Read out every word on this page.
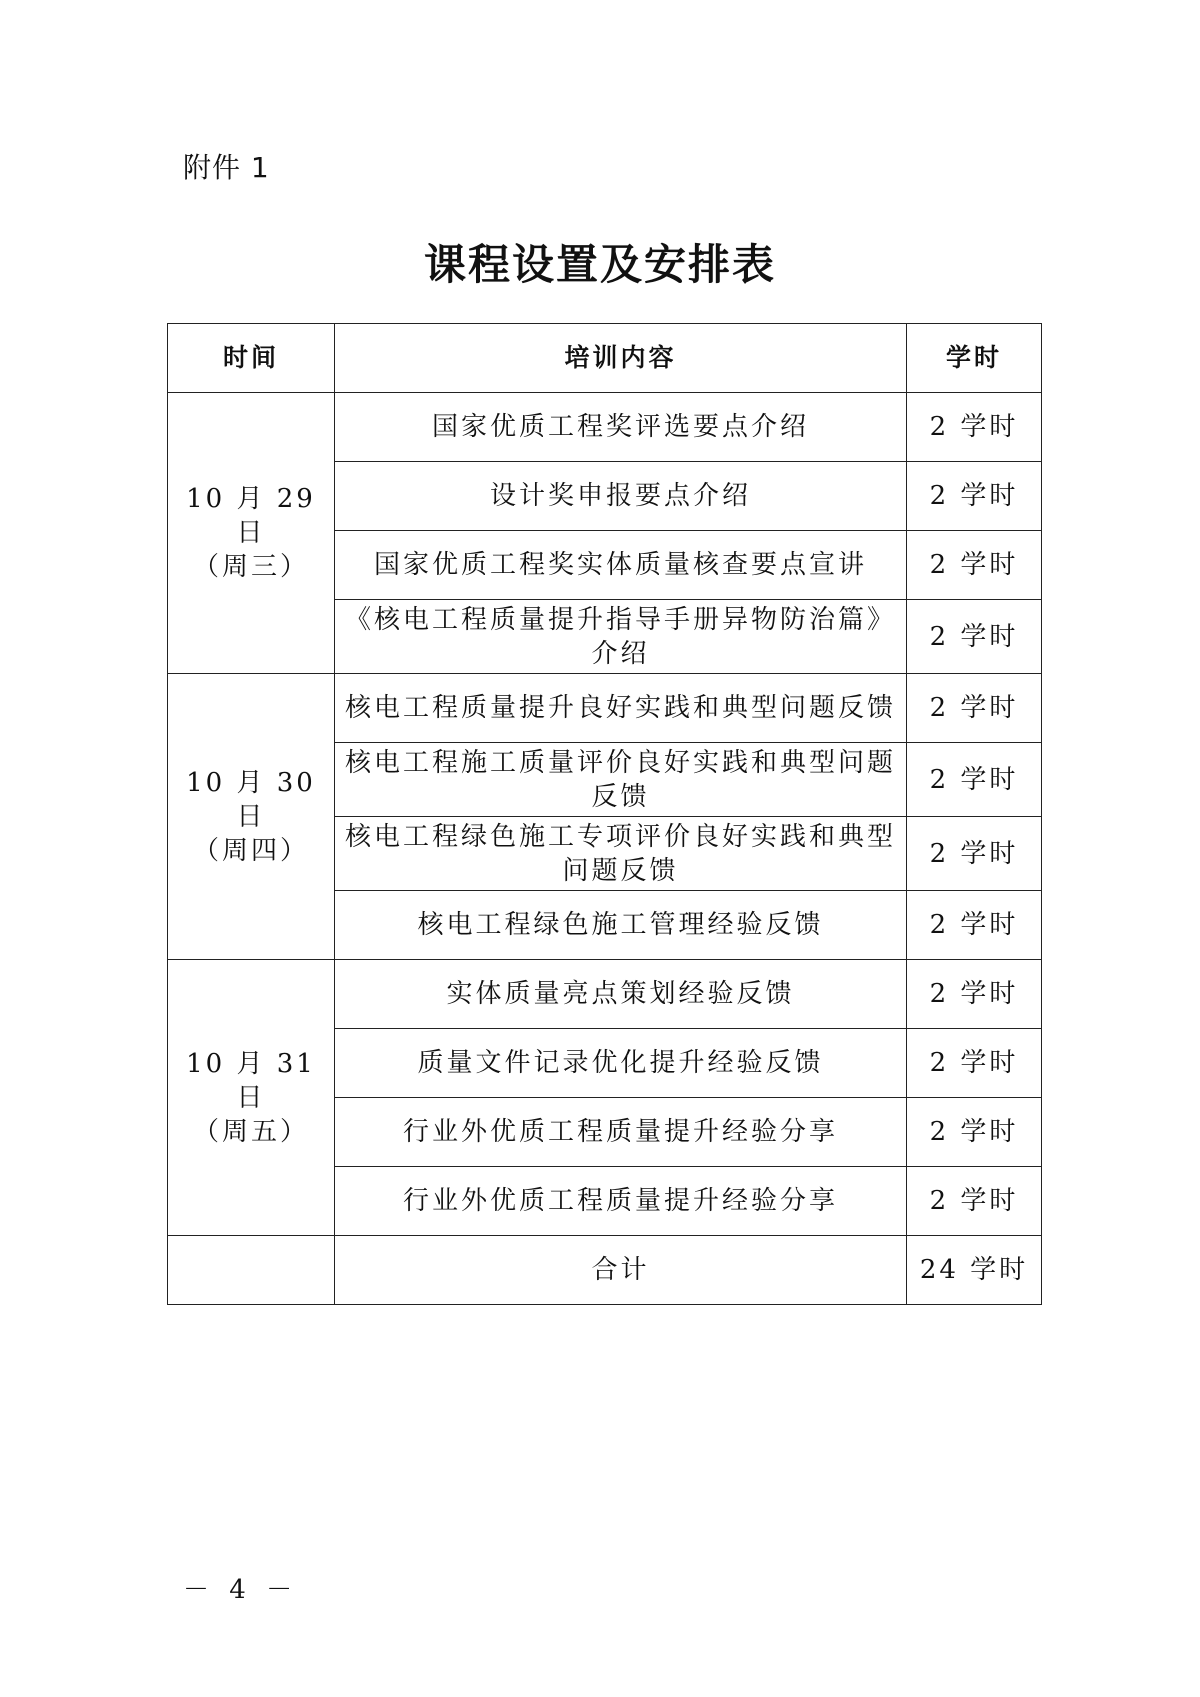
附件 1
课程设置及安排表
时间	培训内容	学时

10 月 29 日
（周三）	国家优质工程奖评选要点介绍	2 学时
	设计奖申报要点介绍	2 学时
	国家优质工程奖实体质量核查要点宣讲	2 学时
	《核电工程质量提升指导手册异物防治篇》介绍	2 学时

10 月 30 日
（周四）	核电工程质量提升良好实践和典型问题反馈	2 学时
	核电工程施工质量评价良好实践和典型问题反馈	2 学时
	核电工程绿色施工专项评价良好实践和典型问题反馈	2 学时
	核电工程绿色施工管理经验反馈	2 学时

10 月 31 日
（周五）	实体质量亮点策划经验反馈	2 学时
	质量文件记录优化提升经验反馈	2 学时
	行业外优质工程质量提升经验分享	2 学时
	行业外优质工程质量提升经验分享	2 学时
	合计	24 学时
－ 4 －
